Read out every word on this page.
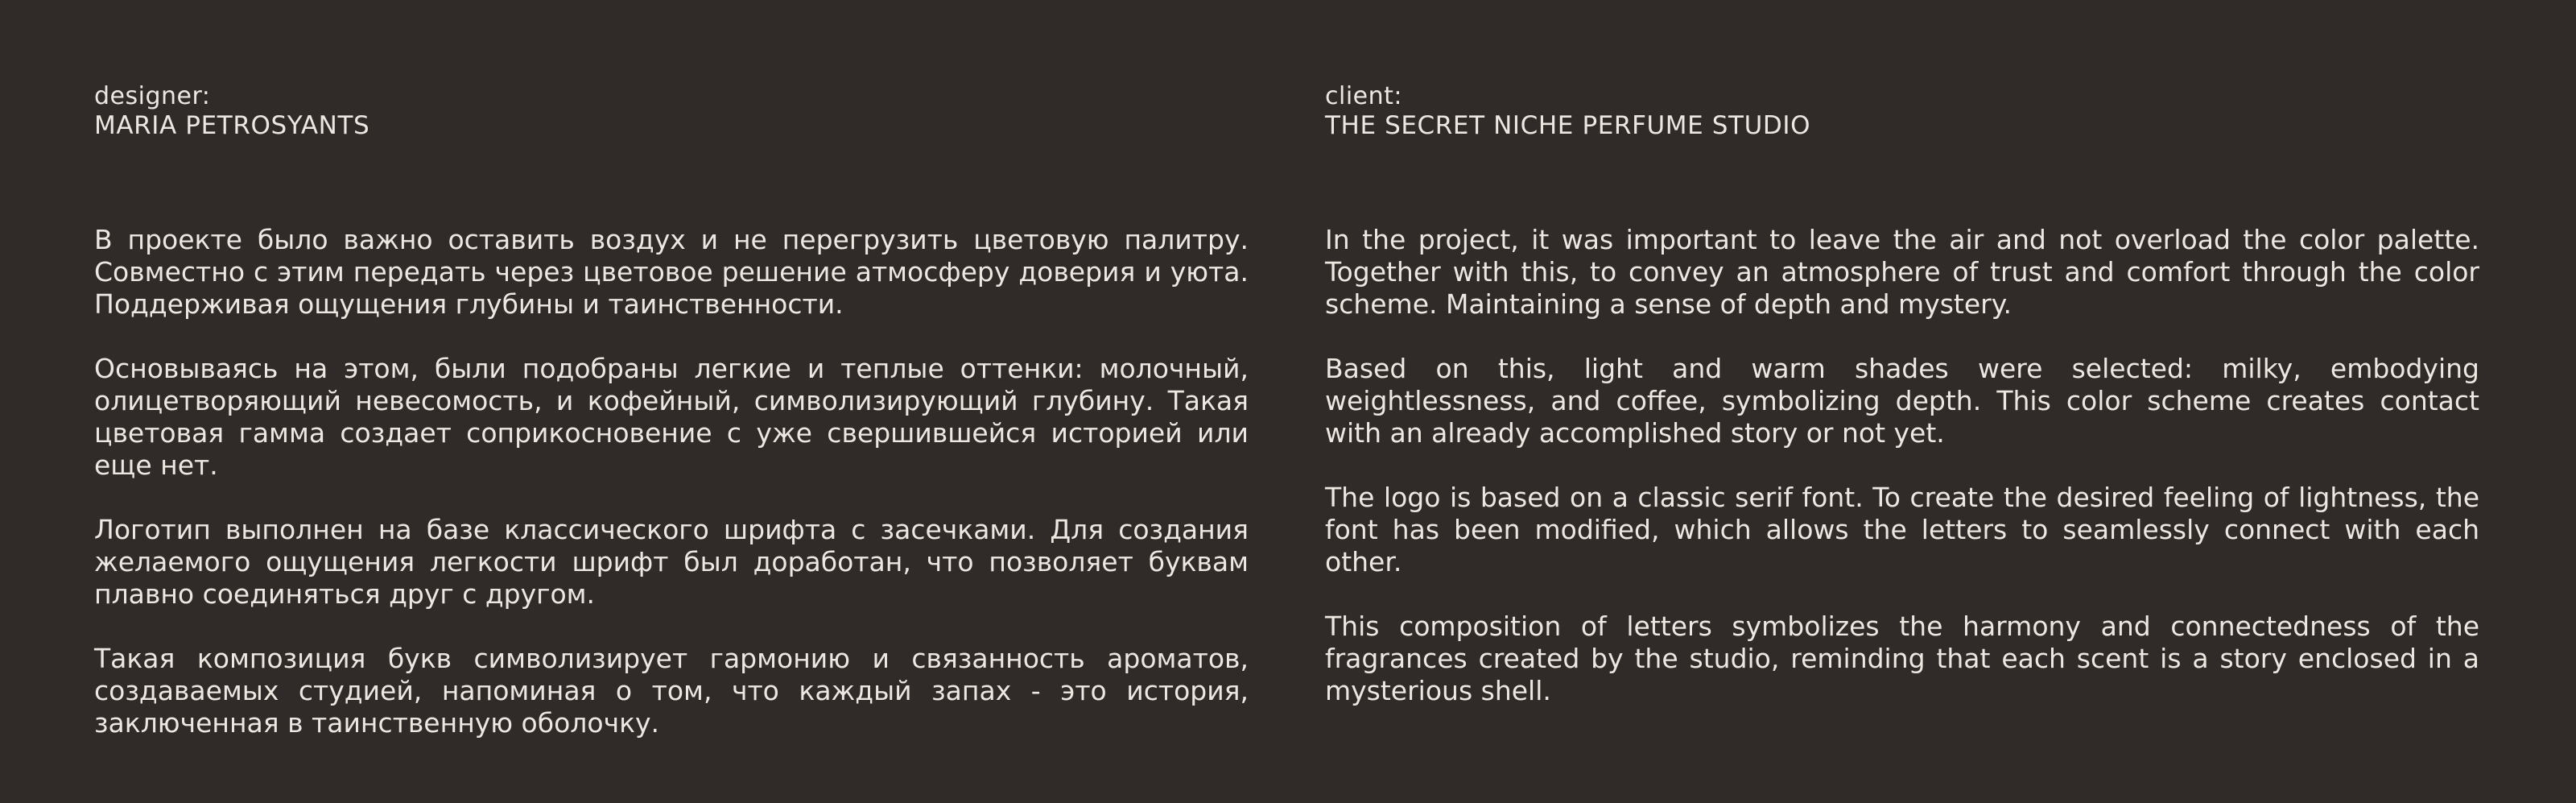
designer:

MARIA PETROSYANTS

В проекте было важно оставить воздух и не перегрузить цветовую палитру. Совместно с этим передать через цветовое решение атмосферу доверия и уюта. Поддерживая ощущения глубины и таинственности.

Основываясь на этом, были подобраны легкие и теплые оттенки: молочный, олицетворяющий невесомость, и кофейный, символизирующий глубину. Такая цветовая гамма создает соприкосновение с уже свершившейся историей или еще нет.

Логотип выполнен на базе классического шрифта с засечками. Для создания желаемого ощущения легкости шрифт был доработан, что позволяет буквам плавно соединяться друг с другом.

Такая композиция букв символизирует гармонию и связанность ароматов, создаваемых студией, напоминая о том, что каждый запах - это история, заключенная в таинственную оболочку.

client:

THE SECRET NICHE PERFUME STUDIO

In the project, it was important to leave the air and not overload the color palette. Together with this, to convey an atmosphere of trust and comfort through the color scheme. Maintaining a sense of depth and mystery.

Based on this, light and warm shades were selected: milky, embodying weightlessness, and coffee, symbolizing depth. This color scheme creates contact with an already accomplished story or not yet.

The logo is based on a classic serif font. To create the desired feeling of lightness, the font has been modified, which allows the letters to seamlessly connect with each other.

This composition of letters symbolizes the harmony and connectedness of the fragrances created by the studio, reminding that each scent is a story enclosed in a mysterious shell.
